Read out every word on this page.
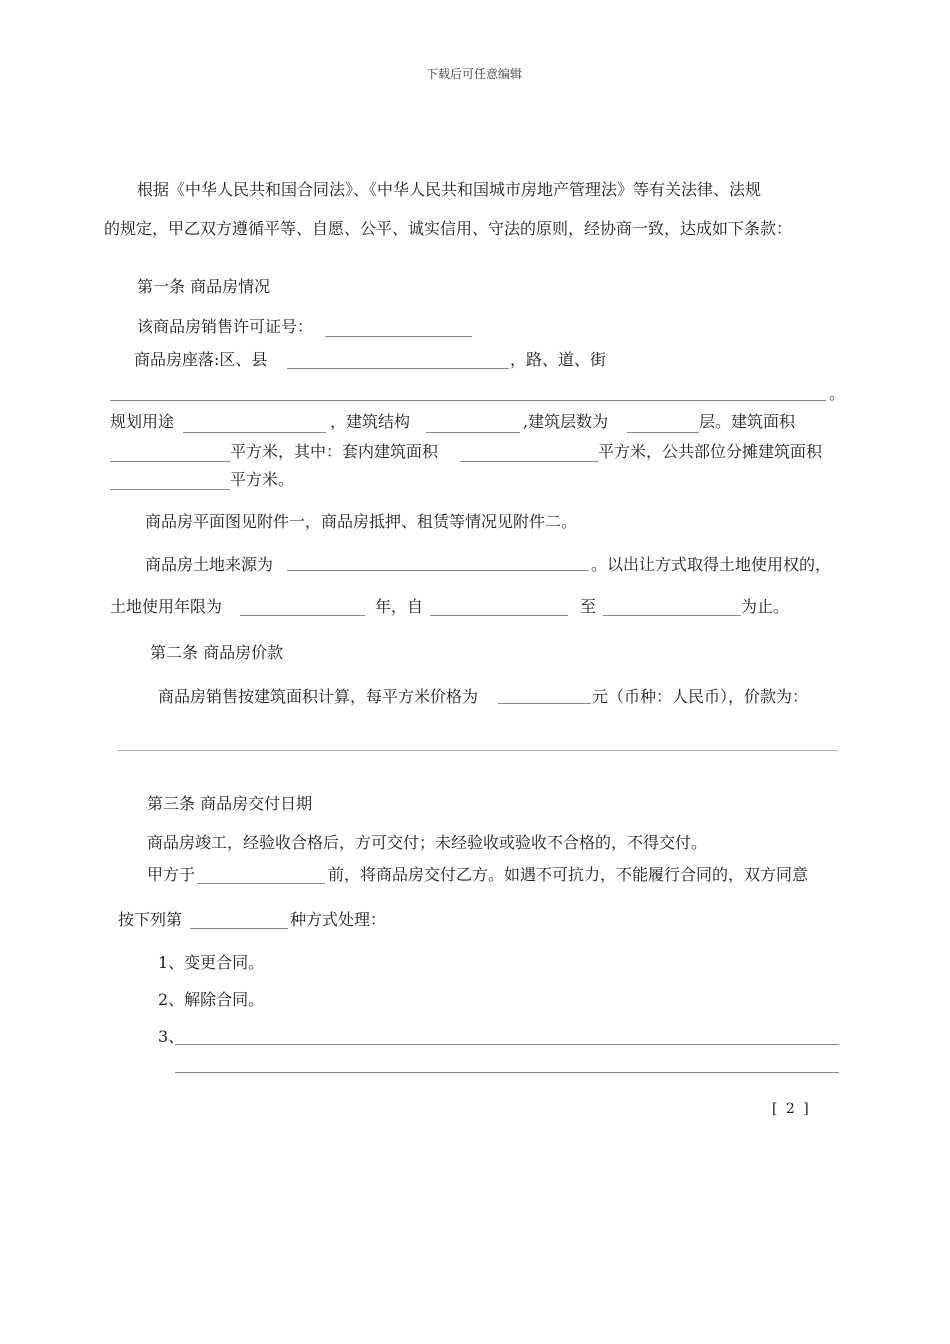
下载后可任意编辑
根据《中华人民共和国合同法》、《中华人民共和国城市房地产管理法》等有关法律、法规
的规定，甲乙双方遵循平等、自愿、公平、诚实信用、守法的原则，经协商一致，达成如下条款：
第一条 商品房情况
该商品房销售许可证号：
商品房座落:区、县	，路、道、街
。
规划用途	，建筑结构	,建筑层数为	层。建筑面积
平方米，其中：套内建筑面积	平方米，公共部位分摊建筑面积
平方米。
商品房平面图见附件一，商品房抵押、租赁等情况见附件二。
商品房土地来源为	。以出让方式取得土地使用权的，
土地使用年限为	年，自	至	为止。
第二条 商品房价款
商品房销售按建筑面积计算，每平方米价格为	元（币种：人民币），价款为：
第三条 商品房交付日期
商品房竣工，经验收合格后，方可交付；未经验收或验收不合格的，不得交付。
甲方于	前，将商品房交付乙方。如遇不可抗力，不能履行合同的，双方同意
按下列第	种方式处理：
1、变更合同。
2、解除合同。
3、
[ 2 ]
